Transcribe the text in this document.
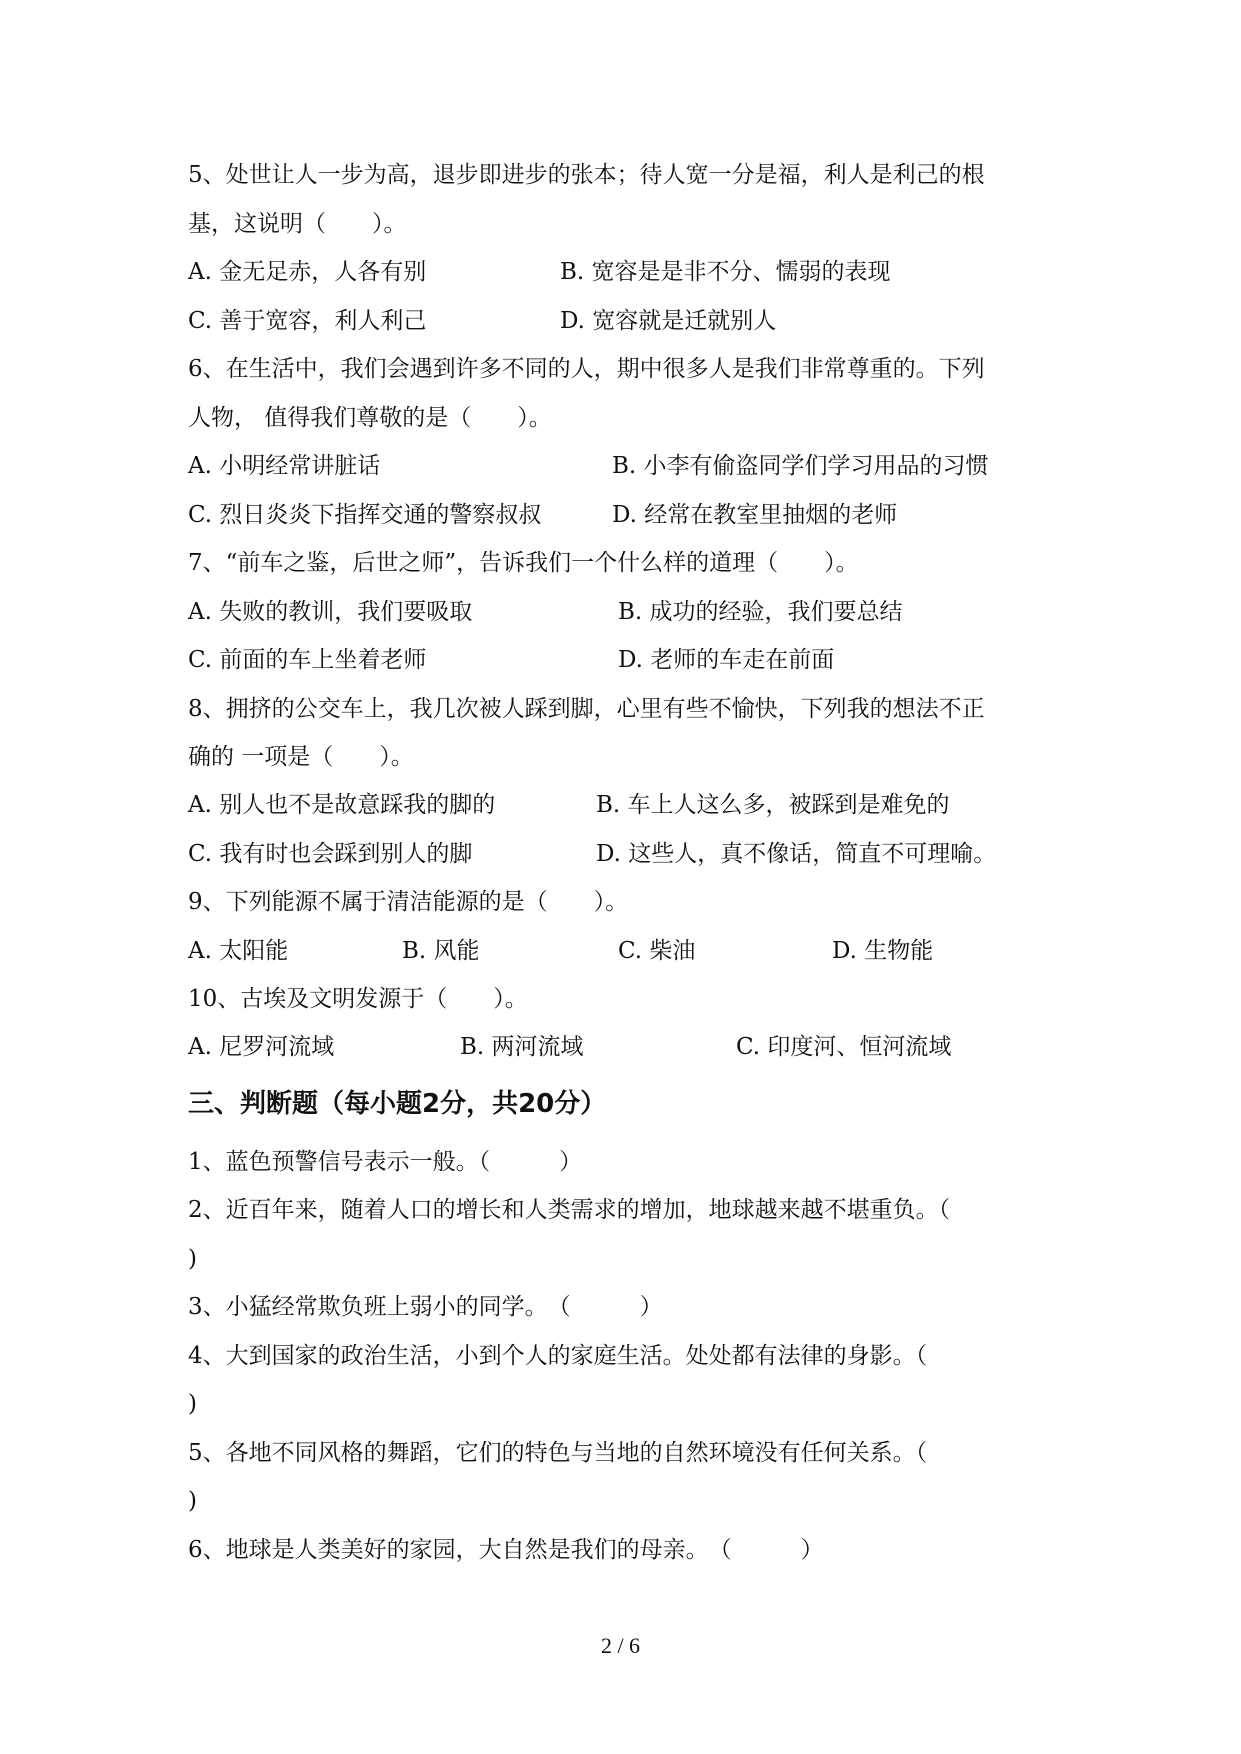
5、处世让人一步为高，退步即进步的张本；待人宽一分是福，利人是利己的根
基，这说明（　　）。
A. 金无足赤，人各有别	B. 宽容是是非不分、懦弱的表现
C. 善于宽容，利人利己	D. 宽容就是迁就别人
6、在生活中，我们会遇到许多不同的人，期中很多人是我们非常尊重的。下列
人物， 值得我们尊敬的是（　　）。
A. 小明经常讲脏话	B. 小李有偷盗同学们学习用品的习惯
C. 烈日炎炎下指挥交通的警察叔叔	D. 经常在教室里抽烟的老师
7、“前车之鉴，后世之师”，告诉我们一个什么样的道理（　　）。
A. 失败的教训，我们要吸取	B. 成功的经验，我们要总结
C. 前面的车上坐着老师	D. 老师的车走在前面
8、拥挤的公交车上，我几次被人踩到脚，心里有些不愉快，下列我的想法不正
确的 一项是（　　）。
A. 别人也不是故意踩我的脚的	B. 车上人这么多，被踩到是难免的
C. 我有时也会踩到别人的脚	D. 这些人，真不像话，简直不可理喻。
9、下列能源不属于清洁能源的是（　　）。
A. 太阳能	B. 风能	C. 柴油	D. 生物能
10、古埃及文明发源于（　　）。
A. 尼罗河流域	B. 两河流域	C. 印度河、恒河流域
三、判断题（每小题2分，共20分）
1、蓝色预警信号表示一般。（　　　）
2、近百年来，随着人口的增长和人类需求的增加，地球越来越不堪重负。（
)
3、小猛经常欺负班上弱小的同学。　（　　　）
4、大到国家的政治生活，小到个人的家庭生活。处处都有法律的身影。（
)
5、各地不同风格的舞蹈，它们的特色与当地的自然环境没有任何关系。（
)
6、地球是人类美好的家园，大自然是我们的母亲。　（　　　）
2 / 6
